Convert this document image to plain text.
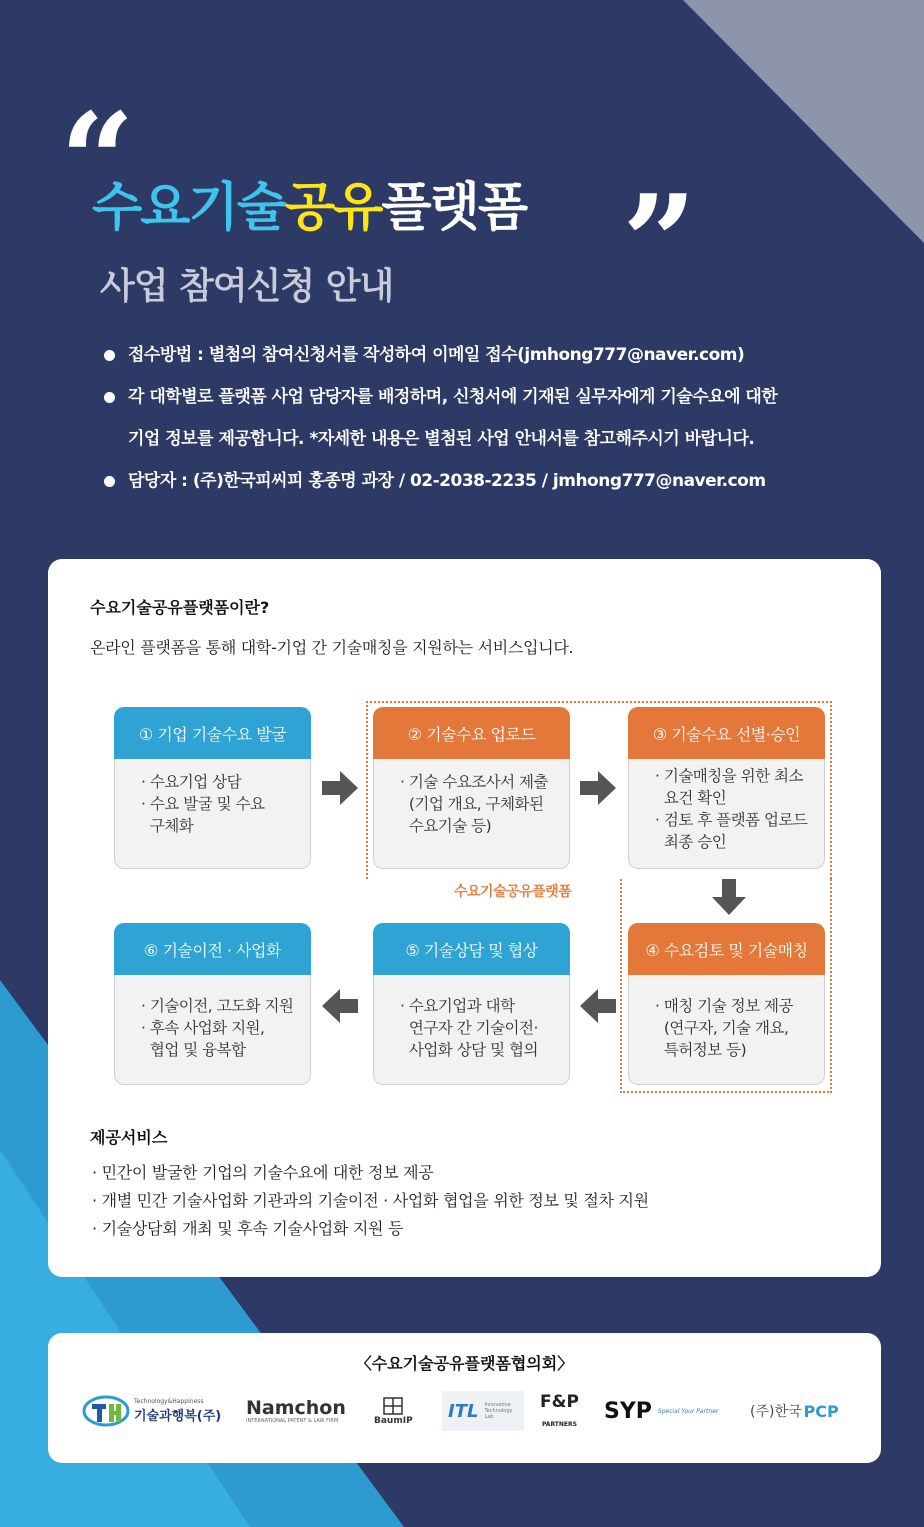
“
수요기술공유플랫폼 ”
사업 참여신청 안내
접수방법 : 별첨의 참여신청서를 작성하여 이메일 접수(jmhong777@naver.com)
각 대학별로 플랫폼 사업 담당자를 배정하며, 신청서에 기재된 실무자에게 기술수요에 대한
기업 정보를 제공합니다. *자세한 내용은 별첨된 사업 안내서를 참고해주시기 바랍니다.
담당자 : (주)한국피씨피 홍종명 과장 / 02-2038-2235 / jmhong777@naver.com
수요기술공유플랫폼이란?
온라인 플랫폼을 통해 대학-기업 간 기술매칭을 지원하는 서비스입니다.
① 기업 기술수요 발굴
· 수요기업 상담
· 수요 발굴 및 수요
구체화
② 기술수요 업로드
· 기술 수요조사서 제출
(기업 개요, 구체화된
수요기술 등)
③ 기술수요 선별·승인
· 기술매칭을 위한 최소
요건 확인
· 검토 후 플랫폼 업로드
최종 승인
④ 수요검토 및 기술매칭
· 매칭 기술 정보 제공
(연구자, 기술 개요,
특허정보 등)
⑤ 기술상담 및 협상
· 수요기업과 대학
연구자 간 기술이전·
사업화 상담 및 협의
⑥ 기술이전 · 사업화
· 기술이전, 고도화 지원
· 후속 사업화 지원,
협업 및 융복합
수요기술공유플랫폼
제공서비스
· 민간이 발굴한 기업의 기술수요에 대한 정보 제공
· 개별 민간 기술사업화 기관과의 기술이전 · 사업화 협업을 위한 정보 및 절차 지원
· 기술상담회 개최 및 후속 기술사업화 지원 등
〈수요기술공유플랫폼협의회〉
Technology&Happiness
기술과행복(주) Namchon
INTERNATIONAL PATENT & LAW FIRM	BaumIP ITL Innovative Technology Lab
F&P
PARTNERS
SYP Special Your Partner (주)한국 PCP
